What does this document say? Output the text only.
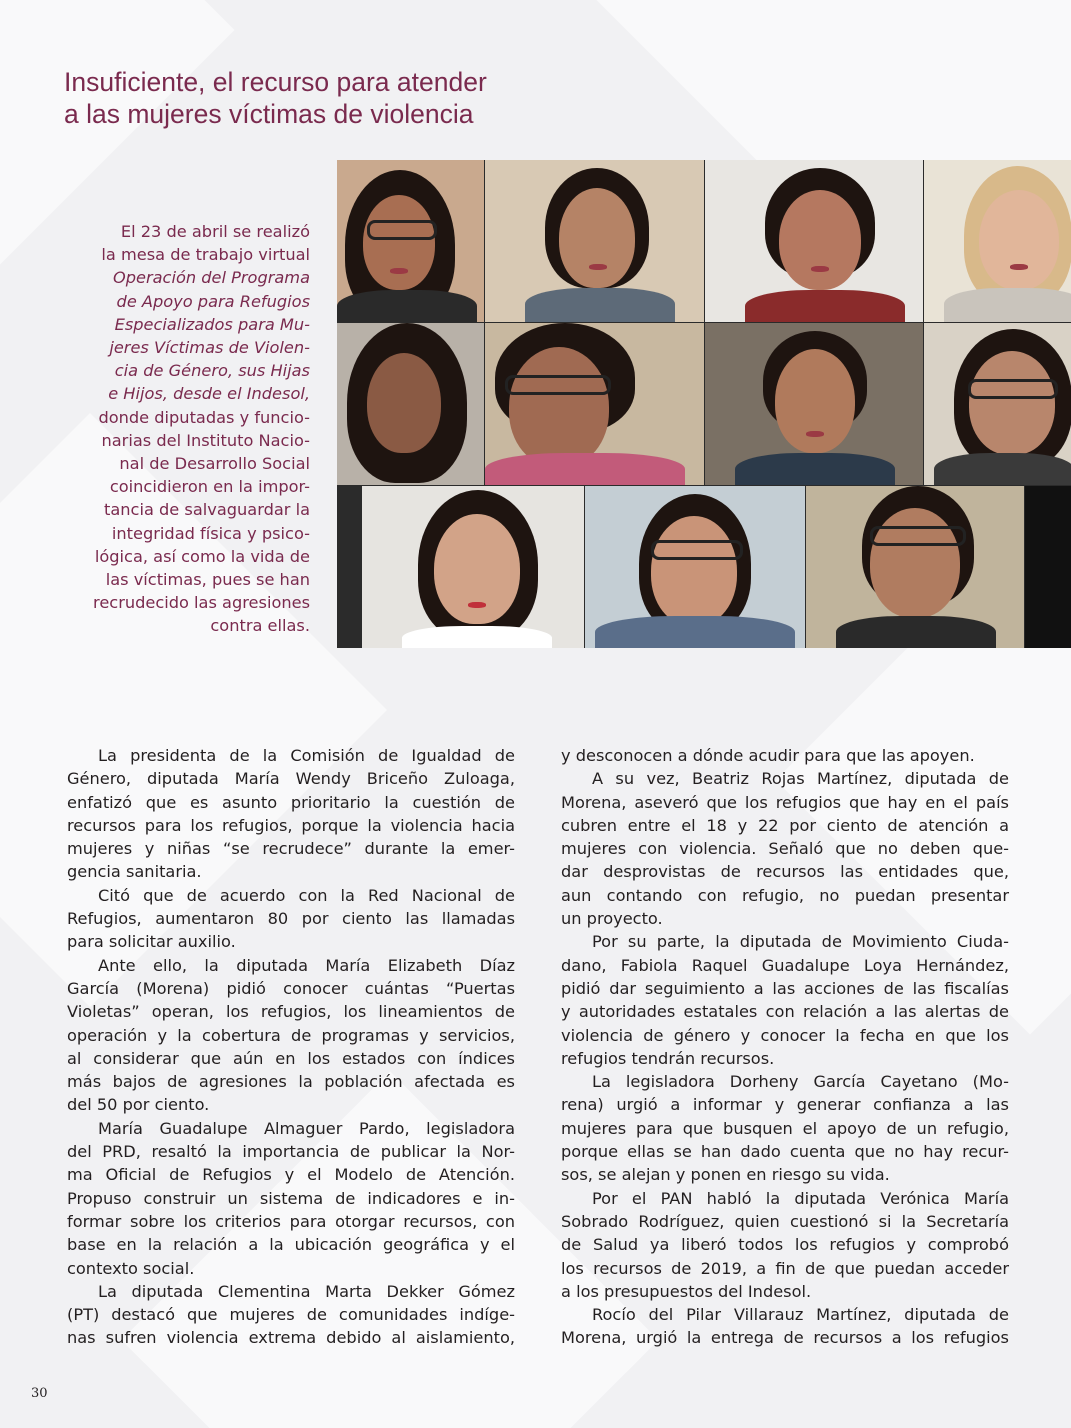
Insuficiente, el recurso para atender
a las mujeres víctimas de violencia
El 23 de abril se realizó
la mesa de trabajo virtual
Operación del Programa
de Apoyo para Refugios
Especializados para Mu-
jeres Víctimas de Violen-
cia de Género, sus Hijas
e Hijos, desde el Indesol,
donde diputadas y funcio-
narias del Instituto Nacio-
nal de Desarrollo Social
coincidieron en la impor-
tancia de salvaguardar la
integridad física y psico-
lógica, así como la vida de
las víctimas, pues se han
recrudecido las agresiones
contra ellas.
La presidenta de la Comisión de Igualdad de
Género, diputada María Wendy Briceño Zuloaga,
enfatizó que es asunto prioritario la cuestión de
recursos para los refugios, porque la violencia hacia
mujeres y niñas “se recrudece” durante la emer-
gencia sanitaria.
Citó que de acuerdo con la Red Nacional de
Refugios, aumentaron 80 por ciento las llamadas
para solicitar auxilio.
Ante ello, la diputada María Elizabeth Díaz
García (Morena) pidió conocer cuántas “Puertas
Violetas” operan, los refugios, los lineamientos de
operación y la cobertura de programas y servicios,
al considerar que aún en los estados con índices
más bajos de agresiones la población afectada es
del 50 por ciento.
María Guadalupe Almaguer Pardo, legisladora
del PRD, resaltó la importancia de publicar la Nor-
ma Oficial de Refugios y el Modelo de Atención.
Propuso construir un sistema de indicadores e in-
formar sobre los criterios para otorgar recursos, con
base en la relación a la ubicación geográfica y el
contexto social.
La diputada Clementina Marta Dekker Gómez
(PT) destacó que mujeres de comunidades indíge-
nas sufren violencia extrema debido al aislamiento,
y desconocen a dónde acudir para que las apoyen.
A su vez, Beatriz Rojas Martínez, diputada de
Morena, aseveró que los refugios que hay en el país
cubren entre el 18 y 22 por ciento de atención a
mujeres con violencia. Señaló que no deben que-
dar desprovistas de recursos las entidades que,
aun contando con refugio, no puedan presentar
un proyecto.
Por su parte, la diputada de Movimiento Ciuda-
dano, Fabiola Raquel Guadalupe Loya Hernández,
pidió dar seguimiento a las acciones de las fiscalías
y autoridades estatales con relación a las alertas de
violencia de género y conocer la fecha en que los
refugios tendrán recursos.
La legisladora Dorheny García Cayetano (Mo-
rena) urgió a informar y generar confianza a las
mujeres para que busquen el apoyo de un refugio,
porque ellas se han dado cuenta que no hay recur-
sos, se alejan y ponen en riesgo su vida.
Por el PAN habló la diputada Verónica María
Sobrado Rodríguez, quien cuestionó si la Secretaría
de Salud ya liberó todos los refugios y comprobó
los recursos de 2019, a fin de que puedan acceder
a los presupuestos del Indesol.
Rocío del Pilar Villarauz Martínez, diputada de
Morena, urgió la entrega de recursos a los refugios
30
